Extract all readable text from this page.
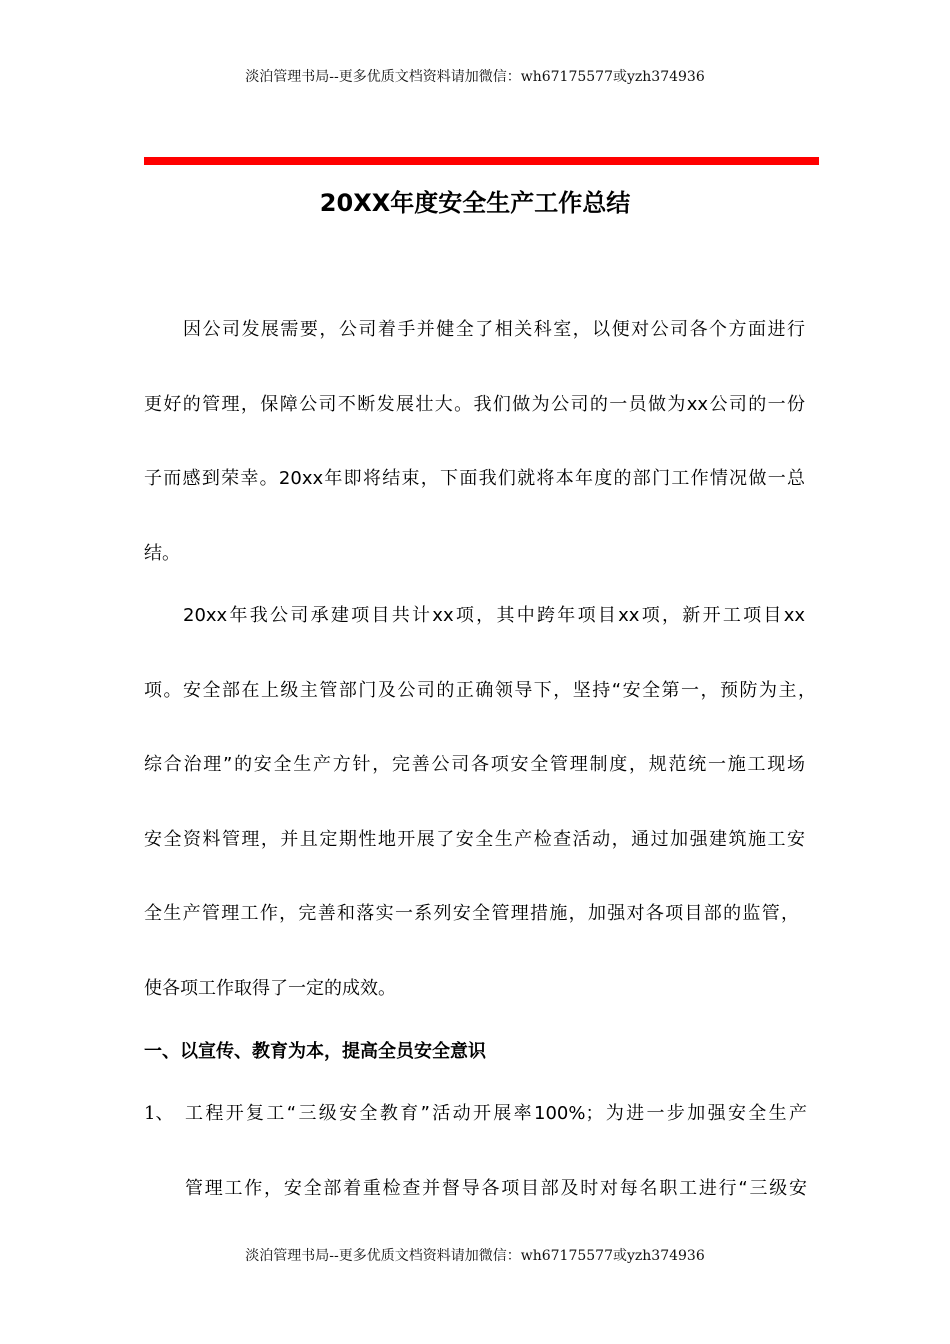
淡泊管理书局--更多优质文档资料请加微信：wh67175577或yzh374936
20XX年度安全生产工作总结
因公司发展需要，公司着手并健全了相关科室，以便对公司各个方面进行
更好的管理，保障公司不断发展壮大。我们做为公司的一员做为xx公司的一份
子而感到荣幸。20xx年即将结束，下面我们就将本年度的部门工作情况做一总
结。
20xx年我公司承建项目共计xx项，其中跨年项目xx项，新开工项目xx
项。安全部在上级主管部门及公司的正确领导下，坚持“安全第一，预防为主，
综合治理”的安全生产方针，完善公司各项安全管理制度，规范统一施工现场
安全资料管理，并且定期性地开展了安全生产检查活动，通过加强建筑施工安
全生产管理工作，完善和落实一系列安全管理措施，加强对各项目部的监管，
使各项工作取得了一定的成效。
一、以宣传、教育为本，提高全员安全意识
1、 工程开复工“三级安全教育”活动开展率100%；为进一步加强安全生产
管理工作，安全部着重检查并督导各项目部及时对每名职工进行“三级安
淡泊管理书局--更多优质文档资料请加微信：wh67175577或yzh374936
